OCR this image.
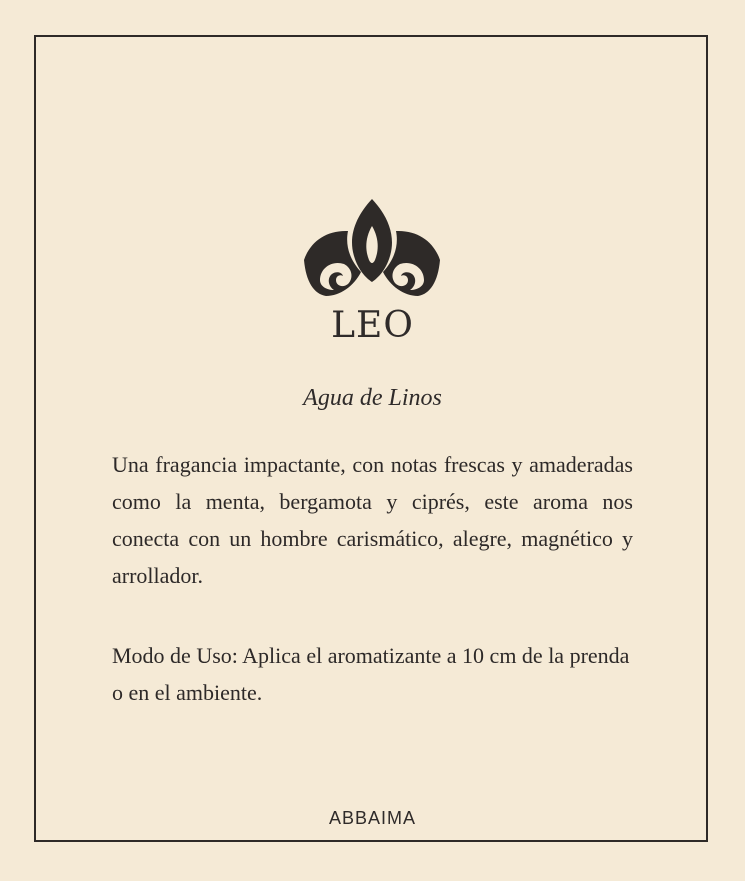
LEO
Agua de Linos

Una fragancia impactante, con notas frescas y amaderadas como la menta, bergamota y ciprés, este aroma nos conecta con un hombre carismático, alegre, magnético y arrollador.

Modo de Uso: Aplica el aromatizante a 10 cm de la prenda o en el ambiente.

ABBAIMA
